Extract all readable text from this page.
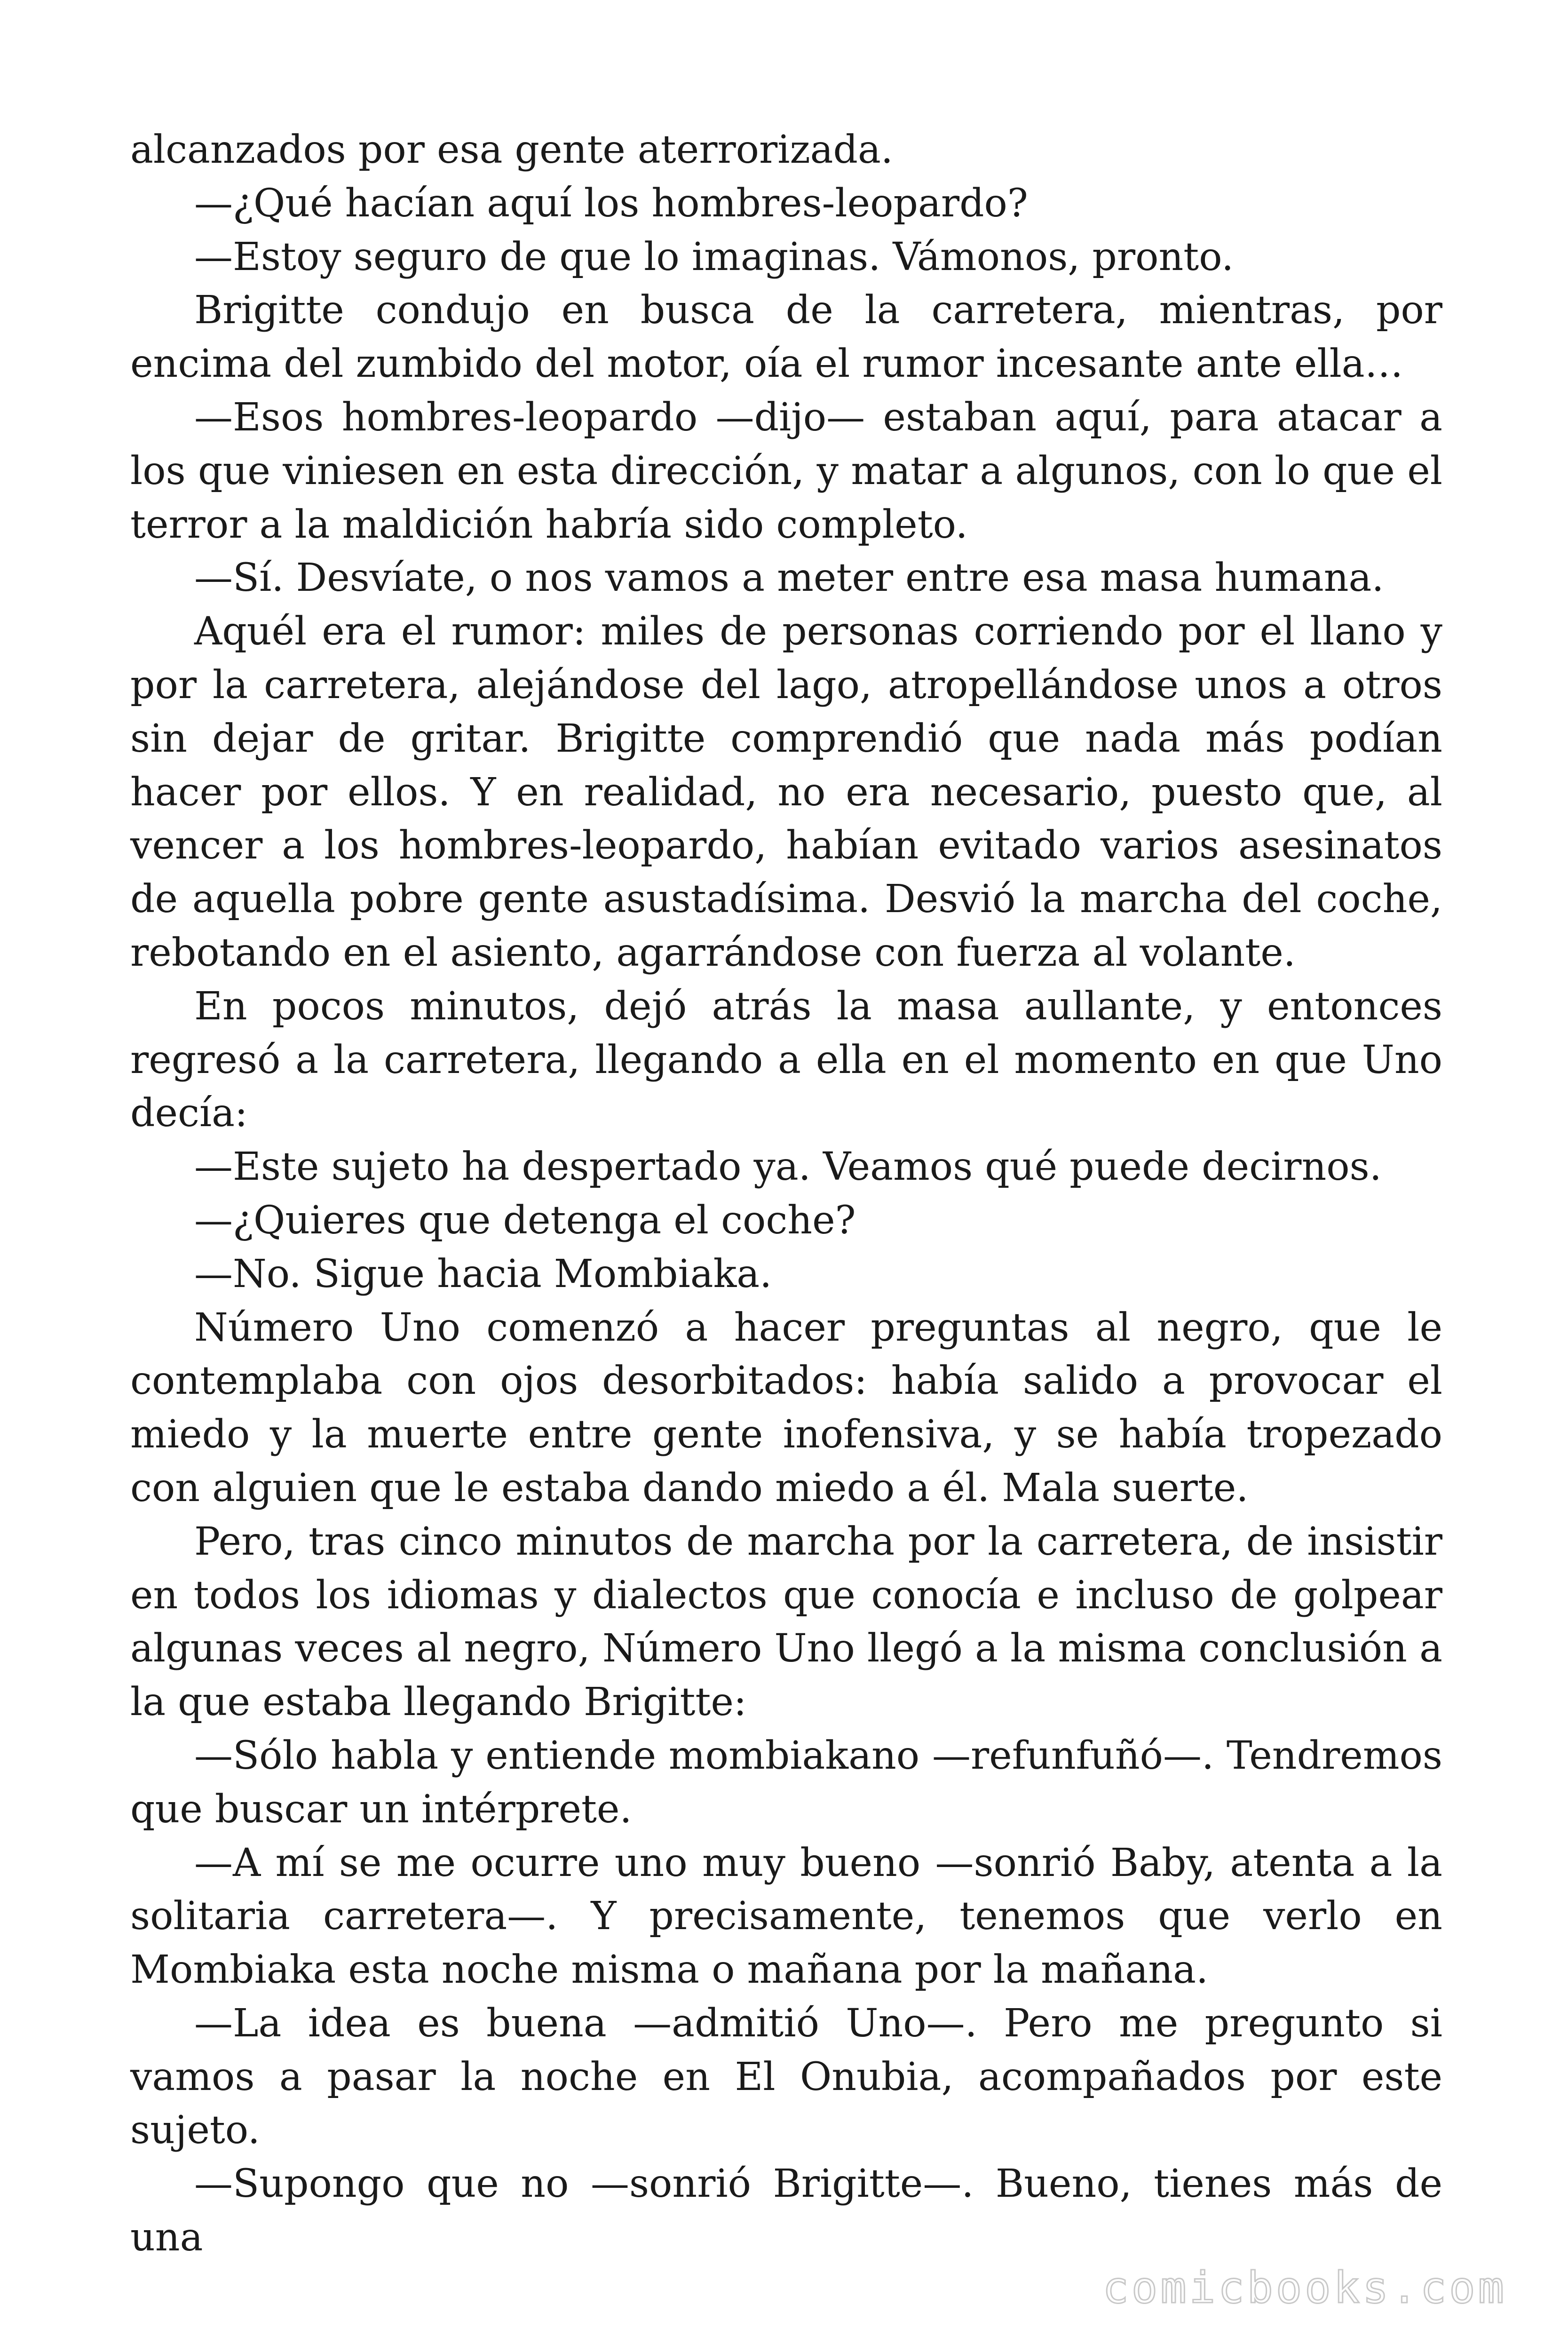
alcanzados por esa gente aterrorizada.

—¿Qué hacían aquí los hombres-leopardo?

—Estoy seguro de que lo imaginas. Vámonos, pronto.

Brigitte condujo en busca de la carretera, mientras, por encima del zumbido del motor, oía el rumor incesante ante ella…

—Esos hombres-leopardo —dijo— estaban aquí, para atacar a los que viniesen en esta dirección, y matar a algunos, con lo que el terror a la maldición habría sido completo.

—Sí. Desvíate, o nos vamos a meter entre esa masa humana.

Aquél era el rumor: miles de personas corriendo por el llano y por la carretera, alejándose del lago, atropellándose unos a otros sin dejar de gritar. Brigitte comprendió que nada más podían hacer por ellos. Y en realidad, no era necesario, puesto que, al vencer a los hombres-leopardo, habían evitado varios asesinatos de aquella pobre gente asustadísima. Desvió la marcha del coche, rebotando en el asiento, agarrándose con fuerza al volante.

En pocos minutos, dejó atrás la masa aullante, y entonces regresó a la carretera, llegando a ella en el momento en que Uno decía:

—Este sujeto ha despertado ya. Veamos qué puede decirnos.

—¿Quieres que detenga el coche?

—No. Sigue hacia Mombiaka.

Número Uno comenzó a hacer preguntas al negro, que le contemplaba con ojos desorbitados: había salido a provocar el miedo y la muerte entre gente inofensiva, y se había tropezado con alguien que le estaba dando miedo a él. Mala suerte.

Pero, tras cinco minutos de marcha por la carretera, de insistir en todos los idiomas y dialectos que conocía e incluso de golpear algunas veces al negro, Número Uno llegó a la misma conclusión a la que estaba llegando Brigitte:

—Sólo habla y entiende mombiakano —refunfuñó—. Tendremos que buscar un intérprete.

—A mí se me ocurre uno muy bueno —sonrió Baby, atenta a la solitaria carretera—. Y precisamente, tenemos que verlo en Mombiaka esta noche misma o mañana por la mañana.

—La idea es buena —admitió Uno—. Pero me pregunto si vamos a pasar la noche en El Onubia, acompañados por este sujeto.

—Supongo que no —sonrió Brigitte—. Bueno, tienes más de una

comicbooks.com
